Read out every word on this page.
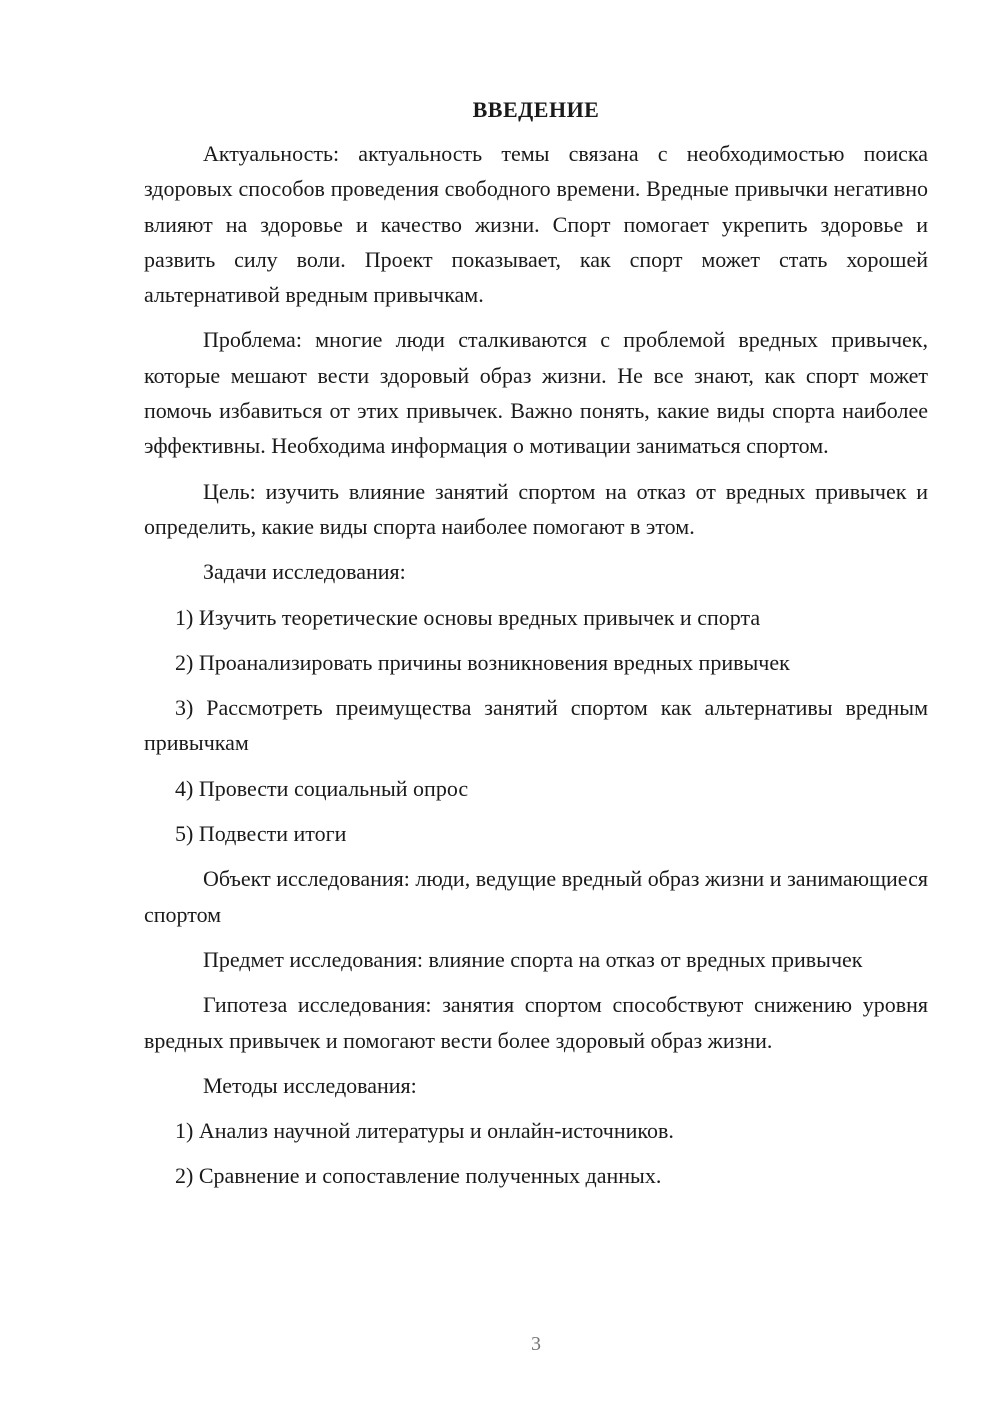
ВВЕДЕНИЕ

Актуальность: актуальность темы связана с необходимостью поиска здоровых способов проведения свободного времени. Вредные привычки негативно влияют на здоровье и качество жизни. Спорт помогает укрепить здоровье и развить силу воли. Проект показывает, как спорт может стать хорошей альтернативой вредным привычкам.

Проблема: многие люди сталкиваются с проблемой вредных привычек, которые мешают вести здоровый образ жизни. Не все знают, как спорт может помочь избавиться от этих привычек. Важно понять, какие виды спорта наиболее эффективны. Необходима информация о мотивации заниматься спортом.

Цель: изучить влияние занятий спортом на отказ от вредных привычек и определить, какие виды спорта наиболее помогают в этом.

Задачи исследования:

1) Изучить теоретические основы вредных привычек и спорта

2) Проанализировать причины возникновения вредных привычек

3) Рассмотреть преимущества занятий спортом как альтернативы вредным привычкам

4) Провести социальный опрос

5) Подвести итоги

Объект исследования: люди, ведущие вредный образ жизни и занимающиеся спортом

Предмет исследования: влияние спорта на отказ от вредных привычек

Гипотеза исследования: занятия спортом способствуют снижению уровня вредных привычек и помогают вести более здоровый образ жизни.

Методы исследования:

1) Анализ научной литературы и онлайн-источников.

2) Сравнение и сопоставление полученных данных.

3
